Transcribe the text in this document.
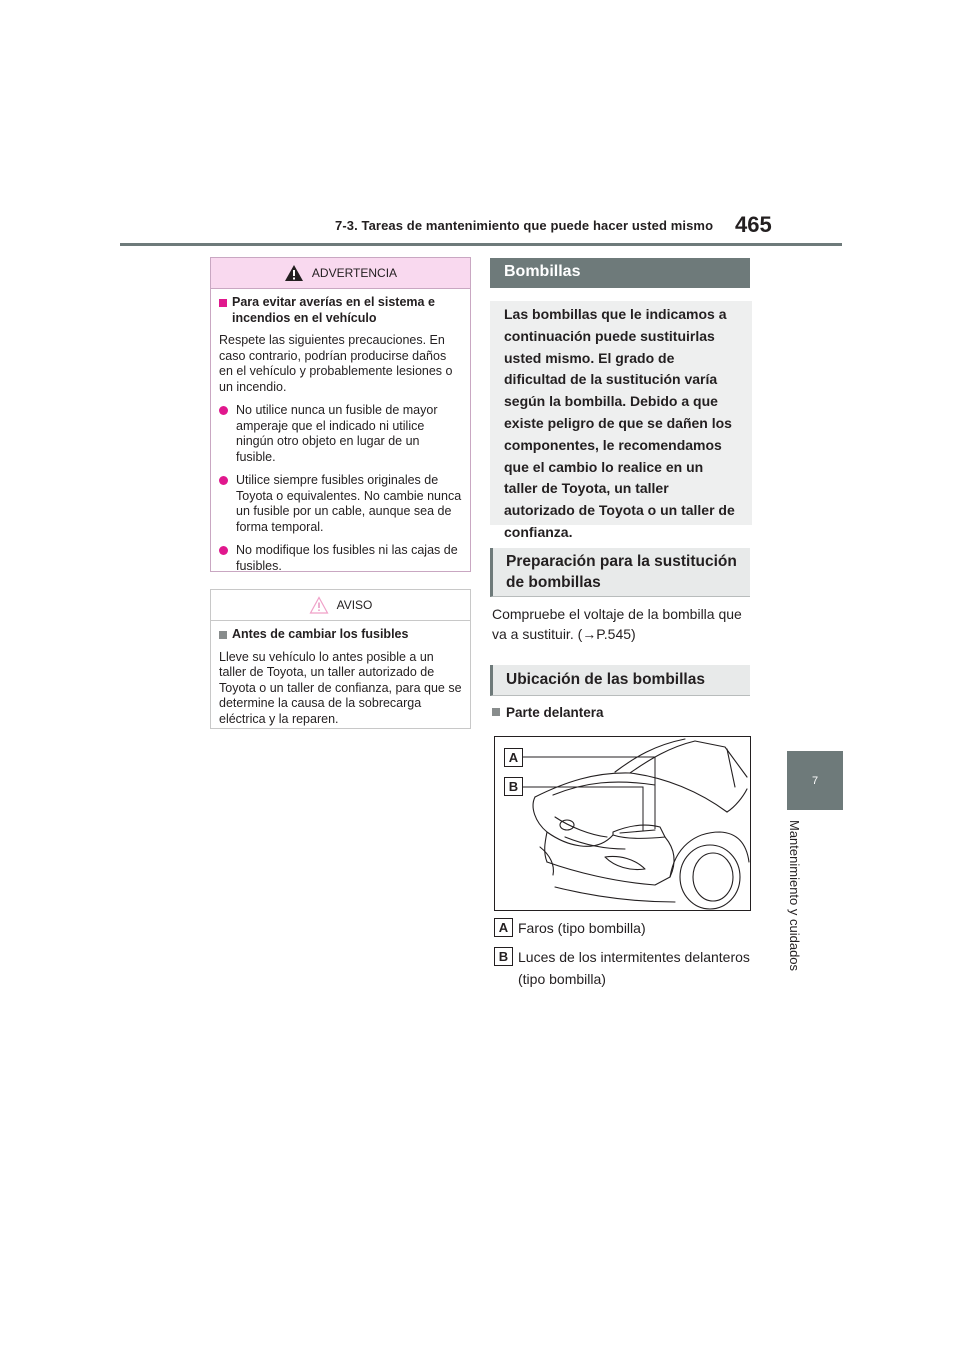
7-3. Tareas de mantenimiento que puede hacer usted mismo 465
7
Mantenimiento y cuidados
ADVERTENCIA
Para evitar averías en el sistema e incendios en el vehículo
Respete las siguientes precauciones. En caso contrario, podrían producirse daños en el vehículo y probablemente lesiones o un incendio.
No utilice nunca un fusible de mayor amperaje que el indicado ni utilice ningún otro objeto en lugar de un fusible.
Utilice siempre fusibles originales de Toyota o equivalentes. No cambie nunca un fusible por un cable, aunque sea de forma temporal.
No modifique los fusibles ni las cajas de fusibles.
AVISO
Antes de cambiar los fusibles
Lleve su vehículo lo antes posible a un taller de Toyota, un taller autorizado de Toyota o un taller de confianza, para que se determine la causa de la sobrecarga eléctrica y la reparen.
Bombillas
Las bombillas que le indicamos a continuación puede sustituirlas usted mismo. El grado de dificultad de la sustitución varía según la bombilla. Debido a que existe peligro de que se dañen los componentes, le recomendamos que el cambio lo realice en un taller de Toyota, un taller autorizado de Toyota o un taller de confianza.
Preparación para la sustitución de bombillas
Compruebe el voltaje de la bombilla que va a sustituir. (→P.545)
Ubicación de las bombillas
Parte delantera
A
B
A Faros (tipo bombilla)
B Luces de los intermitentes delanteros (tipo bombilla)
